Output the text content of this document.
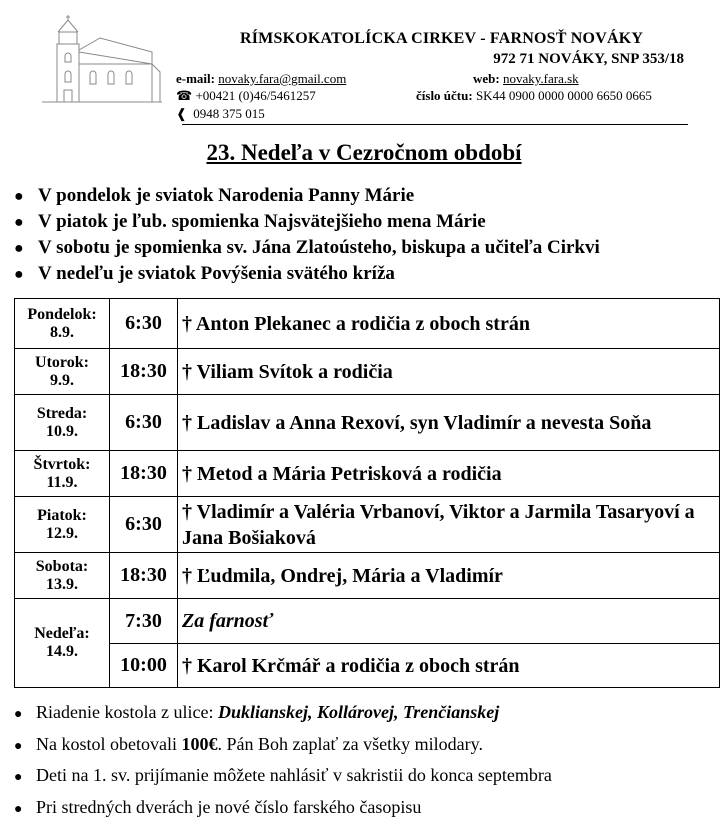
RÍMSKOKATOLÍCKA CIRKEV - FARNOSŤ NOVÁKY
972 71 NOVÁKY, SNP 353/18
e-mail: novaky.fara@gmail.com
☎ +00421 (0)46/5461257
❰ 0948 375 015
web: novaky.fara.sk
číslo účtu: SK44 0900 0000 0000 6650 0665
23. Nedeľa v Cezročnom období
● V pondelok je sviatok Narodenia Panny Márie
● V piatok je ľub. spomienka Najsvätejšieho mena Márie
● V sobotu je spomienka sv. Jána Zlatoústeho, biskupa a učiteľa Cirkvi
● V nedeľu je sviatok Povýšenia svätého kríža
Pondelok:
8.9.	6:30	† Anton Plekanec a rodičia z oboch strán

Utorok:
9.9.	18:30	† Viliam Svítok a rodičia

Streda:
10.9.	6:30	† Ladislav a Anna Rexoví, syn Vladimír a nevesta Soňa

Štvrtok:
11.9.	18:30	† Metod a Mária Petrisková a rodičia

Piatok:
12.9.	6:30	† Vladimír a Valéria Vrbanoví, Viktor a Jarmila Tasaryoví a Jana Bošiaková

Sobota:
13.9.	18:30	† Ľudmila, Ondrej, Mária a Vladimír

Nedeľa:
14.9.	7:30	Za farnosť
	10:00	† Karol Krčmář a rodičia z oboch strán
● Riadenie kostola z ulice: Duklianskej, Kollárovej, Trenčianskej
● Na kostol obetovali 100€. Pán Boh zaplať za všetky milodary.
● Deti na 1. sv. prijímanie môžete nahlásiť v sakristii do konca septembra
● Pri stredných dverách je nové číslo farského časopisu
